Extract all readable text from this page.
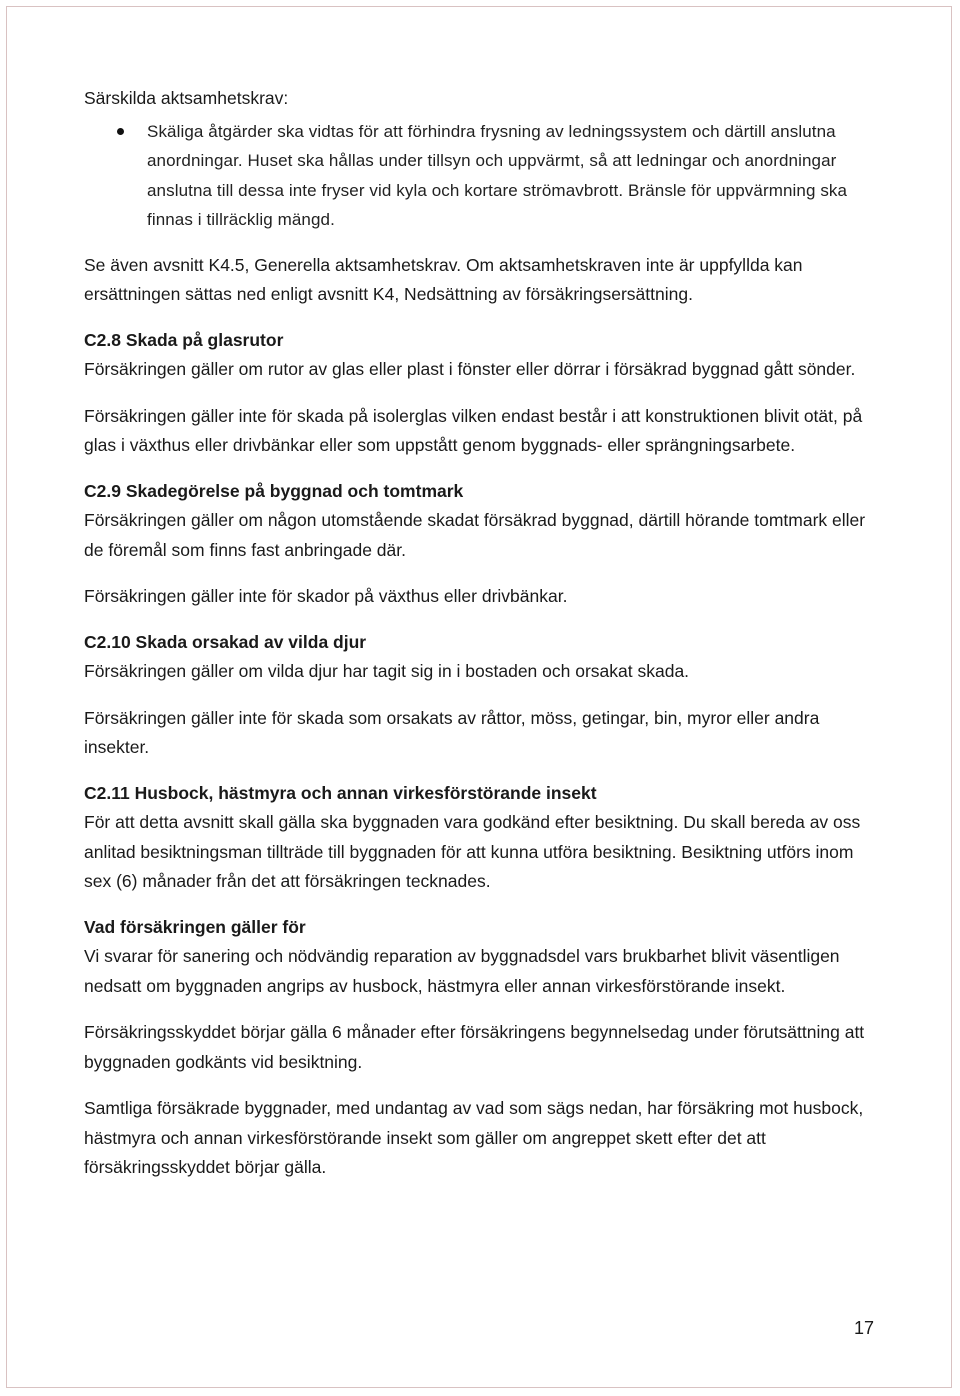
Särskilda aktsamhetskrav:

Skäliga åtgärder ska vidtas för att förhindra frysning av ledningssystem och därtill anslutna anordningar. Huset ska hållas under tillsyn och uppvärmt, så att ledningar och anordningar anslutna till dessa inte fryser vid kyla och kortare strömavbrott. Bränsle för uppvärmning ska finnas i tillräcklig mängd.

Se även avsnitt K4.5, Generella aktsamhetskrav. Om aktsamhetskraven inte är uppfyllda kan ersättningen sättas ned enligt avsnitt K4, Nedsättning av försäkringsersättning.

C2.8 Skada på glasrutor

Försäkringen gäller om rutor av glas eller plast i fönster eller dörrar i försäkrad byggnad gått sönder.

Försäkringen gäller inte för skada på isolerglas vilken endast består i att konstruktionen blivit otät, på glas i växthus eller drivbänkar eller som uppstått genom byggnads- eller sprängningsarbete.

C2.9 Skadegörelse på byggnad och tomtmark

Försäkringen gäller om någon utomstående skadat försäkrad byggnad, därtill hörande tomtmark eller de föremål som finns fast anbringade där.

Försäkringen gäller inte för skador på växthus eller drivbänkar.

C2.10 Skada orsakad av vilda djur

Försäkringen gäller om vilda djur har tagit sig in i bostaden och orsakat skada.

Försäkringen gäller inte för skada som orsakats av råttor, möss, getingar, bin, myror eller andra insekter.

C2.11 Husbock, hästmyra och annan virkesförstörande insekt

För att detta avsnitt skall gälla ska byggnaden vara godkänd efter besiktning. Du skall bereda av oss anlitad besiktningsman tillträde till byggnaden för att kunna utföra besiktning. Besiktning utförs inom sex (6) månader från det att försäkringen tecknades.

Vad försäkringen gäller för

Vi svarar för sanering och nödvändig reparation av byggnadsdel vars brukbarhet blivit väsentligen nedsatt om byggnaden angrips av husbock, hästmyra eller annan virkesförstörande insekt.

Försäkringsskyddet börjar gälla 6 månader efter försäkringens begynnelsedag under förutsättning att byggnaden godkänts vid besiktning.

Samtliga försäkrade byggnader, med undantag av vad som sägs nedan, har försäkring mot husbock, hästmyra och annan virkesförstörande insekt som gäller om angreppet skett efter det att försäkringsskyddet börjar gälla.

17
